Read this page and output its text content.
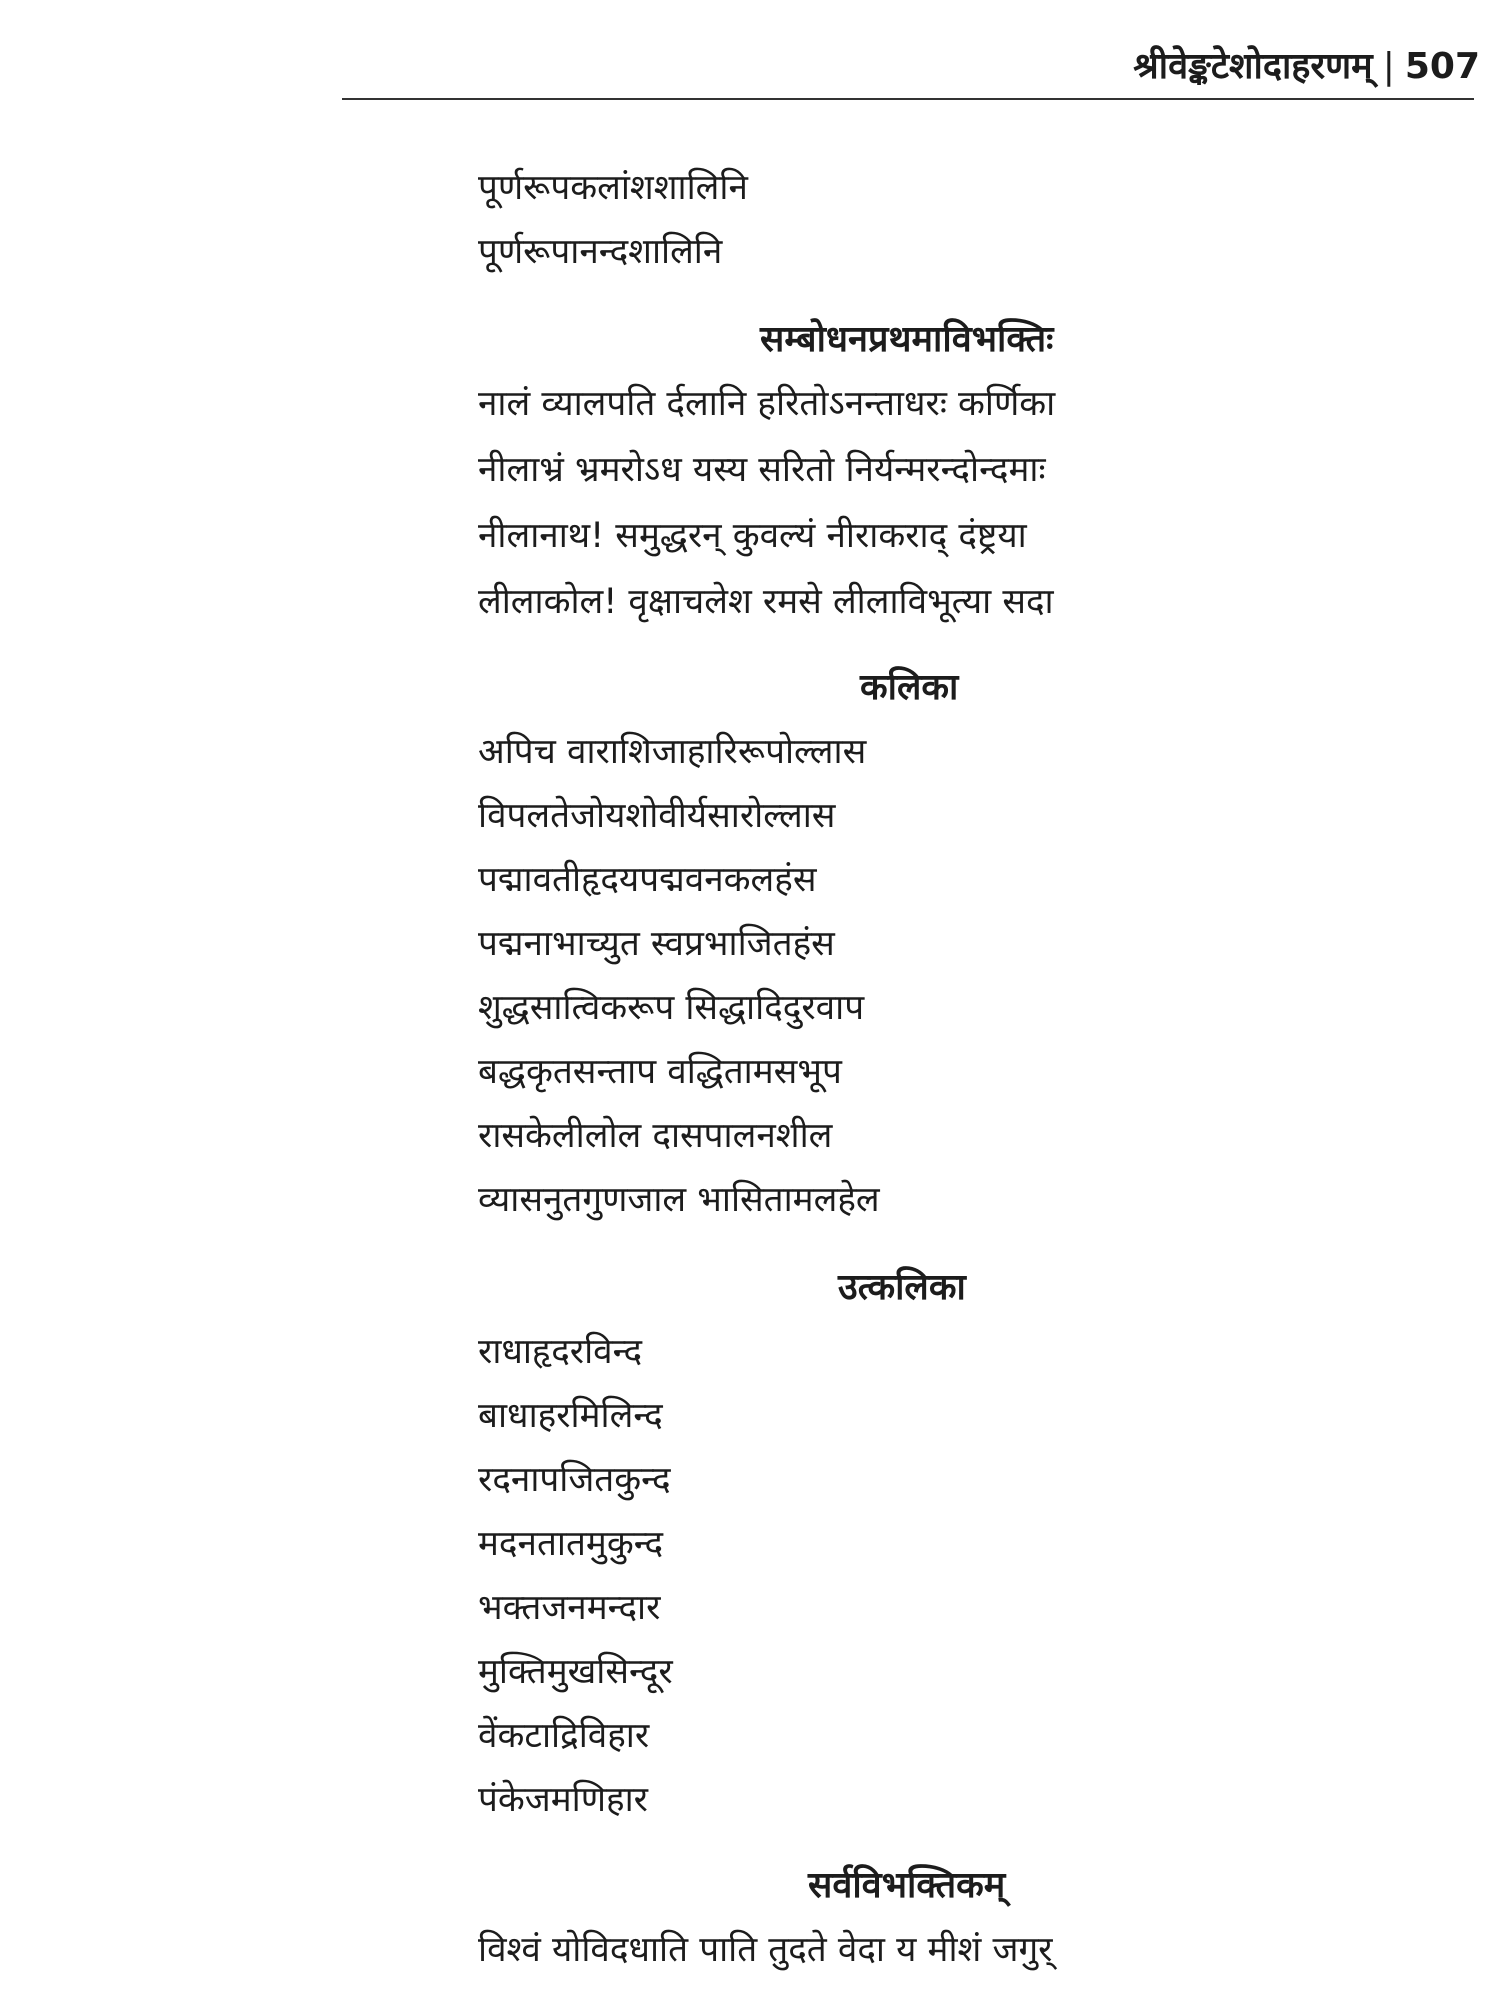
श्रीवेङ्कटेशोदाहरणम् | 507
पूर्णरूपकलांशशालिनि
पूर्णरूपानन्दशालिनि
सम्बोधनप्रथमाविभक्तिः
नालं व्यालपति र्दलानि हरितोऽनन्ताधरः कर्णिका
नीलाभ्रं भ्रमरोऽध यस्य सरितो निर्यन्मरन्दोन्दमाः
नीलानाथ! समुद्धरन् कुवल्यं नीराकराद् दंष्ट्रया
लीलाकोल! वृक्षाचलेश रमसे लीलाविभूत्या सदा
कलिका
अपिच वाराशिजाहारिरूपोल्लास
विपलतेजोयशोवीर्यसारोल्लास
पद्मावतीहृदयपद्मवनकलहंस
पद्मनाभाच्युत स्वप्रभाजितहंस
शुद्धसात्विकरूप सिद्धादिदुरवाप
बद्धकृतसन्ताप वद्धितामसभूप
रासकेलीलोल दासपालनशील
व्यासनुतगुणजाल भासितामलहेल
उत्कलिका
राधाहृदरविन्द
बाधाहरमिलिन्द
रदनापजितकुन्द
मदनतातमुकुन्द
भक्तजनमन्दार
मुक्तिमुखसिन्दूर
वेंकटाद्रिविहार
पंकेजमणिहार
सर्वविभक्तिकम्
विश्वं योविदधाति पाति तुदते वेदा य मीशं जगुर्
